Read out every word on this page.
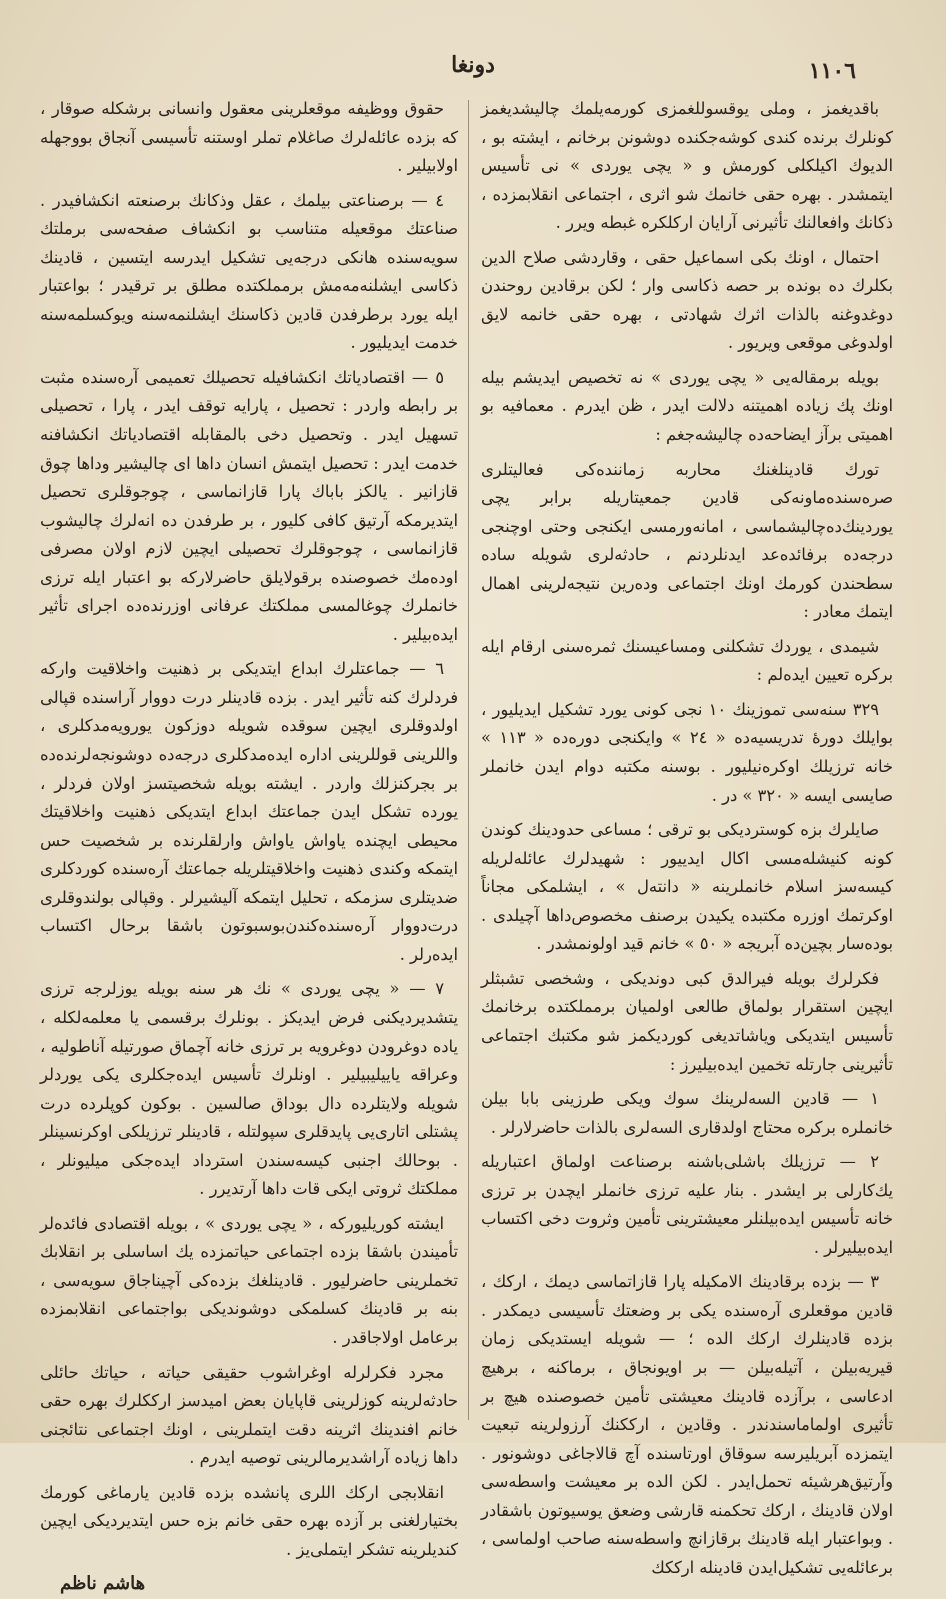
١١٠٦
دونغا

باقدیغمز ، وملی یوقسوللغمزی کورمه‌یلمك چالیشدیغمز کونلرك برنده کندی کوشه‌جکنده دوشونن برخانم ، ایشته بو ، الدیوك اکیلکلی کورمش و « یچی یوردی » نی تأسیس ایتمشدر . بهره حقی خانمك شو اثری ، اجتماعی انقلابمزده ، ذکانك وافعالنك تأثیرنی آرایان ارکلکره غبطه ویرر .

احتمال ، اونك بکی اسماعیل حقی ، وقاردشی صلاح الدین بکلرك ده بونده بر حصه ذکاسی وار ؛ لکن برقادین روحندن دوغدوغنه بالذات اثرك شهادتی ، بهره حقی خانمه لایق اولدوغی موقعی ویریور .

بویله برمقاله‌یی « یچی یوردی » نه تخصیص ایدیشم بیله اونك پك زیاده اهمیتنه دلالت ایدر ، ظن ایدرم . معمافیه بو اهمیتی برآز ایضاحه‌ده چالیشه‌جغم :

تورك قادینلغنك محاربه زماننده‌کی فعالیتلری صرەسنده‌ماونه‌کی قادین جمعیتاریله برابر یچی یوردینك‌ده‌چالیشماسی ، امانه‌ورمسی ایکنجی وحتی اوچنجی درجه‌ده برفائده‌عد ایدنلردنم ، حادثه‌لری شویله ساده سطحندن کورمك اونك اجتماعی وده‌رین نتیجه‌لرینی اهمال ایتمك معادر :

شیمدی ، یوردك تشکلنی ومساعیسنك ثمره‌سنی ارقام ایله برکره تعیین ایده‌لم :

٣٢٩ سنه‌سی تموزینك ١٠ نجی کونی یورد تشکیل ایدیلیور ، بوایلك دورهٔ تدریسیه‌ده « ٢٤ » وایکنجی دوره‌ده « ١١٣ » خانه ترزیلك اوکره‌نیلیور . بوسنه مکتبه دوام ایدن خانملر صایسی ایسه « ٣٢٠ » در .

صایلرك بزه کوستردیکی بو ترقی ؛ مساعی حدودینك کوندن کونه کنیشله‌مسی اکال ایدییور : شهیدلرك عائله‌لریله کیسه‌سز اسلام خانملرینه « دانتەل » ، ایشلمکی مجاناً اوکرتمك اوزره مکتبده یکیدن برصنف مخصوص‌داها آچیلدی . بوده‌سار بچین‌ده آبریجه « ٥٠ » خانم قید اولونمشدر .

فکرلرك بویله فیرالدق کبی دوندیکی ، وشخصی تشبثلر ایچین استقرار بولماق طالعی اولمیان برمملکتده برخانمك تأسیس ایتدیکی ویاشاتدیغی کوردیکمز شو مکتبك اجتماعی تأثیرینی جارتله تخمین ایده‌بیلیرز :

١ — قادین السه‌لرینك سوك ویکی طرزینی بابا بیلن خانملره برکره محتاج اولدقاری السه‌لری بالذات حاضرلارلر .

٢ — ترزیلك باشلی‌باشنه برصناعت اولماق اعتباریله یك‌کارلی بر ایشدر . بنا٫ علیه ترزی خانملر ایچدن بر ترزی خانه تأسیس ایده‌بیلنلر معیشترینی تأمین وثروت دخی اکتساب ایده‌بیلیرلر .

٣ — بزده برقادینك الامکیله پارا قازاتماسی دیمك ، ارکك ، قادین موقعلری آره‌سنده یکی بر وضعتك تأسیسی دیمکدر . بزده قادینلرك ارکك الده ؛ — شویله ایستدیکی زمان قیریه‌بیلن ، آتیله‌بیلن — بر اویونجاق ، برماکنه ، برهیچ ادعاسی ، برآزده قادینك معیشتی تأمین خصوصنده هیچ بر تأثیری اولماماسندندر . وقادین ، ارککنك آرزولرینه تبعیت ایتمزده آبریلیرسه سوقاق اورتاسنده آچ قالاجاغی دوشونور . وآرتیق‌هرشیئه تحمل‌ایدر . لکن الده بر معیشت واسطه‌سی اولان قادینك ، ارکك تحکمنه قارشی وضعق یوسیوتون باشقادر . وبواعتبار ایله قادینك برقازانچ واسطه‌سنه صاحب اولماسی ، برعائله‌یی تشکیل‌ایدن قادینله ارککك

حقوق ووظیفه موقعلرینی معقول وانسانی برشکله صوقار ، که بزده عائله‌لرك صاغلام تملر اوستنه تأسیسی آنجاق بووجهله اولابیلیر .

٤ — برصناعتی بیلمك ، عقل وذکانك برصنعته انکشافیدر . صناعتك موقعیله متناسب بو انکشاف صفحه‌سی برملتك سویه‌سنده هانکی درجه‌یی تشکیل ایدرسه ایتسین ، قادینك ذکاسی ایشلنه‌مه‌مش برمملکتده مطلق بر ترقیدر ؛ بواعتبار ایله یورد برطرفدن قادین ذکاسنك ایشلنمه‌سنه ویوکسلمه‌سنه خدمت ایدیلیور .

٥ — اقتصادیاتك انکشافیله تحصیلك تعمیمی آره‌سنده مثبت بر رابطه واردر : تحصیل ، پارایه توقف ایدر ، پارا ، تحصیلی تسهیل ایدر . وتحصیل دخی بالمقابله اقتصادیاتك انکشافنه خدمت ایدر : تحصیل ایتمش انسان داها ای چالیشیر وداها چوق قازانیر . یالکز باباك پارا قازانماسی ، چوجوقلری تحصیل ایتدیرمکه آرتیق کافی کلیور ، بر طرفدن ده انه‌لرك چالیشوب قازانماسی ، چوجوقلرك تحصیلی ایچین لازم اولان مصرفی اوده‌مك خصوصنده برقولایلق حاضرلارکه بو اعتبار ایله ترزی خانملرك چوغالمسی مملکتك عرفانی اوزرنده‌ده اجرای تأثیر ایده‌بیلیر .

٦ — جماعتلرك ابداع ایتدیکی بر ذهنیت واخلاقیت وارکه فردلرك کنه تأثیر ایدر . بزده قادینلر درت دووار آراسنده قپالی اولدوقلری ایچین سوقده شویله دوزکون یورویه‌مدکلری ، واللرینی قوللرینی اداره ایده‌مدکلری درجه‌ده دوشونجه‌لرنده‌ده بر بجرکنزلك واردر . ایشته بویله شخصیتسز اولان فردلر ، یورده تشکل ایدن جماعتك ابداع ایتدیکی ذهنیت واخلاقیتك محیطی ایچنده یاواش یاواش وارلقلرنده بر شخصیت حس ایتمکه وکندی ذهنیت واخلاقیتلریله جماعتك آره‌سنده کوردکلری ضدیتلری سزمکه ، تحلیل ایتمکه آلیشیرلر . وقپالی بولندوقلری درت‌دووار آره‌سنده‌کندن‌بوسبوتون باشقا برحال اکتساب ایده‌رلر .

٧ — « یچی یوردی » نك هر سنه بویله یوزلرجه ترزی یتشدیردیکنی فرض ایدیکز . بونلرك برقسمی یا معلمه‌لکله ، یاده دوغرودن دوغرویه بر ترزی خانه آچماق صورتیله آناطولیه ، وعراقه یاییلیبیلیر . اونلرك تأسیس ایده‌جکلری یکی یوردلر شویله ولایتلرده دال بوداق صالسین . بوکون کوپلرده درت پشتلی اتاری‌یی پایدقلری سپولتله ، قادینلر ترزیلکی اوکرنسینلر . بوحالك اجنبی کیسه‌سندن استرداد ایده‌جکی میلیونلر ، مملکتك ثروتی ایکی قات داها آرتدیرر .

ایشته کوریلیورکه ، « یچی یوردی » ، بویله اقتصادی فائده‌لر تأمیندن باشقا بزده اجتماعی حیاتمزده یك اساسلی بر انقلابك تخملرینی حاضرلیور . قادینلغك بزده‌کی آچیناجاق سویه‌سی ، بنه بر قادینك کسلمکی دوشوندیکی بواجتماعی انقلابمزده برعامل اولاجاقدر .

مجرد فکرلرله اوغراشوب حقیقی حیاته ، حیاتك حائلی حادثه‌لرینه کوزلرینی قاپایان بعض امیدسز ارککلرك بهره حقی خانم افندینك اثرینه دقت ایتملرینی ، اونك اجتماعی نتائجنی داها زیاده آراشدیرمالرینی توصیه ایدرم .

انقلابجی ارکك اللری پانشده بزده قادین یارماغی کورمك بختیارلغنی بر آزده بهره حقی خانم بزه حس ایتدیردیکی ایچین کندیلرینه تشکر ایتملی‌یز .

هاشم ناظم
